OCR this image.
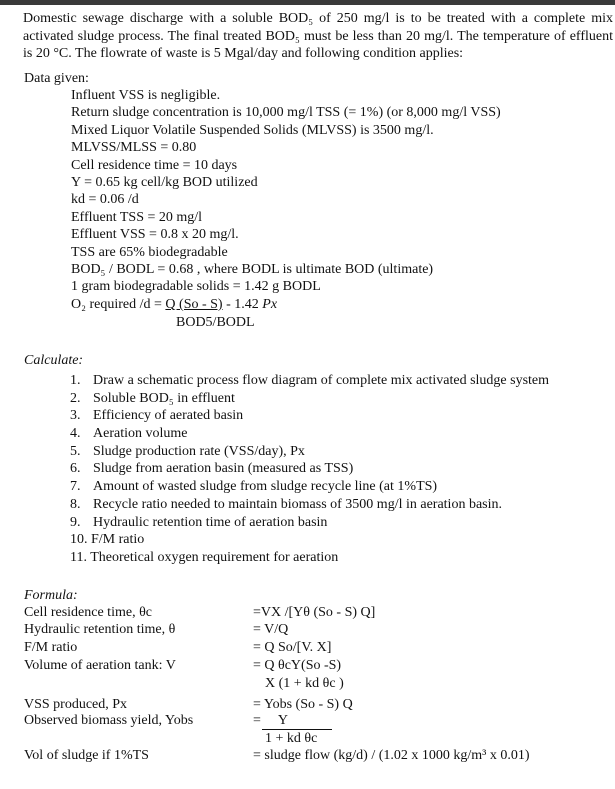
Domestic sewage discharge with a soluble BOD₅ of 250 mg/l is to be treated with a complete mix activated sludge process. The final treated BOD₅ must be less than 20 mg/l. The temperature of effluent is 20 °C. The flowrate of waste is 5 Mgal/day and following condition applies:
Data given:
Influent VSS is negligible.
Return sludge concentration is 10,000 mg/l TSS (= 1%) (or 8,000 mg/l VSS)
Mixed Liquor Volatile Suspended Solids (MLVSS) is 3500 mg/l.
MLVSS/MLSS = 0.80
Cell residence time = 10 days
Y = 0.65 kg cell/kg BOD utilized
kd = 0.06 /d
Effluent TSS = 20 mg/l
Effluent VSS = 0.8 x 20 mg/l.
TSS are 65% biodegradable
BOD₅ / BODL = 0.68 , where BODL is ultimate BOD (ultimate)
1 gram biodegradable solids = 1.42 g BODL
O₂ required /d = Q (So - S) - 1.42 Px
BOD5/BODL
Calculate:
1. Draw a schematic process flow diagram of complete mix activated sludge system
2. Soluble BOD₅ in effluent
3. Efficiency of aerated basin
4. Aeration volume
5. Sludge production rate (VSS/day), Px
6. Sludge from aeration basin (measured as TSS)
7. Amount of wasted sludge from sludge recycle line (at 1%TS)
8. Recycle ratio needed to maintain biomass of 3500 mg/l in aeration basin.
9. Hydraulic retention time of aeration basin
10. F/M ratio
11. Theoretical oxygen requirement for aeration
Formula:
Cell residence time, θc
Hydraulic retention time, θ
F/M ratio
Volume of aeration tank: V
VSS produced, Px
Observed biomass yield, Yobs
Vol of sludge if 1%TS
=VX /[Yθ (So - S) Q]
= V/Q
= Q So/[V. X]
= Q θcY(So -S)
X (1 + kd θc )
= Yobs (So - S) Q
=     Y
1 + kd θc
= sludge flow (kg/d) / (1.02 x 1000 kg/m³ x 0.01)
